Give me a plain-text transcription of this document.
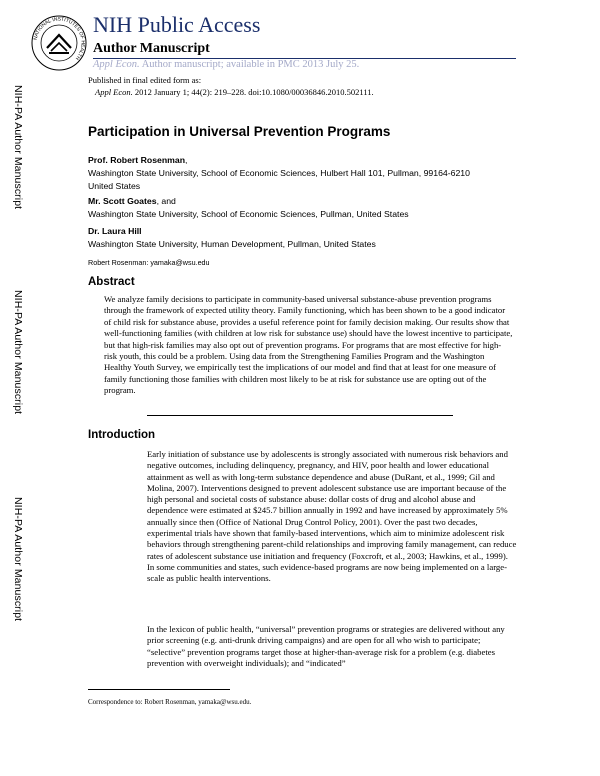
NIH-PA Author Manuscript
NIH-PA Author Manuscript
NIH-PA Author Manuscript
NATIONAL INSTITUTES OF HEALTH
NIH Public Access
Author Manuscript
Appl Econ. Author manuscript; available in PMC 2013 July 25.
Published in final edited form as:
Appl Econ. 2012 January 1; 44(2): 219–228. doi:10.1080/00036846.2010.502111.
Participation in Universal Prevention Programs
Prof. Robert Rosenman,
Washington State University, School of Economic Sciences, Hulbert Hall 101, Pullman, 99164-6210 United States
Mr. Scott Goates, and
Washington State University, School of Economic Sciences, Pullman, United States
Dr. Laura Hill
Washington State University, Human Development, Pullman, United States
Robert Rosenman: yamaka@wsu.edu
Abstract

We analyze family decisions to participate in community-based universal substance-abuse prevention programs through the framework of expected utility theory. Family functioning, which has been shown to be a good indicator of child risk for substance abuse, provides a useful reference point for family decision making. Our results show that well-functioning families (with children at low risk for substance use) should have the lowest incentive to participate, but that high-risk families may also opt out of prevention programs. For programs that are most effective for high-risk youth, this could be a problem. Using data from the Strengthening Families Program and the Washington Healthy Youth Survey, we empirically test the implications of our model and find that at least for one measure of family functioning those families with children most likely to be at risk for substance use are opting out of the program.

Introduction

Early initiation of substance use by adolescents is strongly associated with numerous risk behaviors and negative outcomes, including delinquency, pregnancy, and HIV, poor health and lower educational attainment as well as with long-term substance dependence and abuse (DuRant, et al., 1999; Gil and Molina, 2007). Interventions designed to prevent adolescent substance use are important because of the high personal and societal costs of substance abuse: dollar costs of drug and alcohol abuse and dependence were estimated at $245.7 billion annually in 1992 and have increased by approximately 5% annually since then (Office of National Drug Control Policy, 2001). Over the past two decades, experimental trials have shown that family-based interventions, which aim to minimize adolescent risk behaviors through strengthening parent-child relationships and improving family management, can reduce rates of adolescent substance use initiation and frequency (Foxcroft, et al., 2003; Hawkins, et al., 1999). In some communities and states, such evidence-based programs are now being implemented on a large-scale as public health interventions.

In the lexicon of public health, “universal” prevention programs or strategies are delivered without any prior screening (e.g. anti-drunk driving campaigns) and are open for all who wish to participate; “selective” prevention programs target those at higher-than-average risk for a problem (e.g. diabetes prevention with overweight individuals); and “indicated”

Correspondence to: Robert Rosenman, yamaka@wsu.edu.
